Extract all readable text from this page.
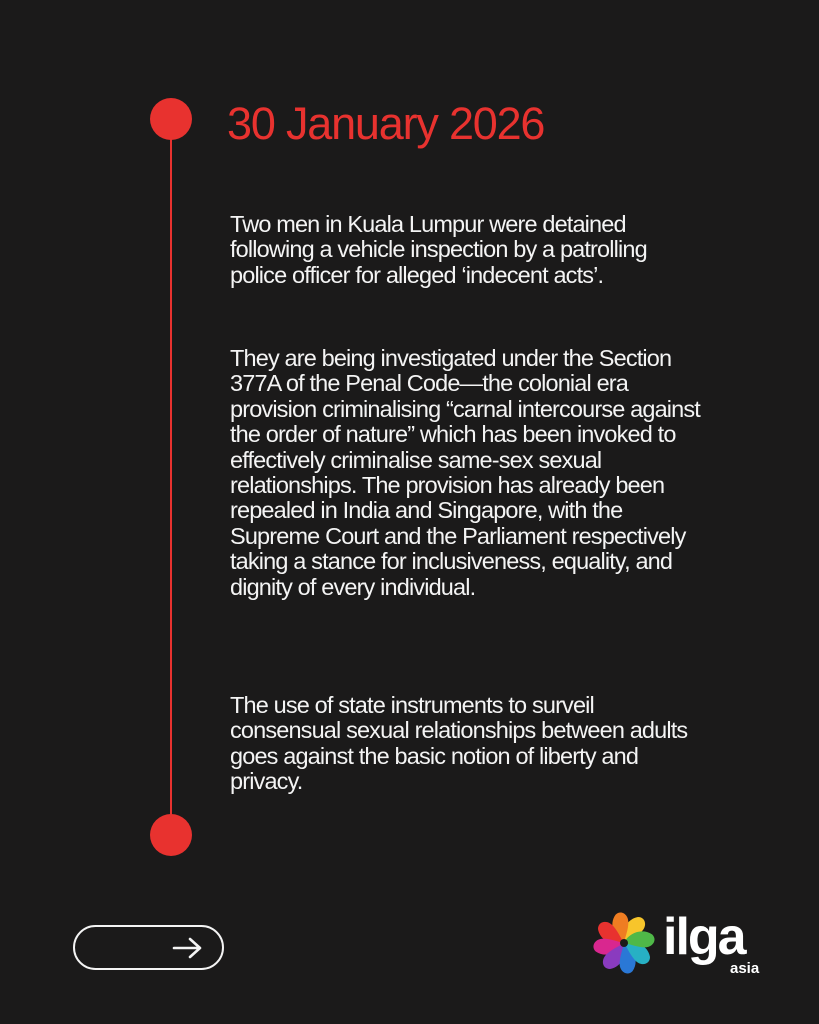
30 January 2026

Two men in Kuala Lumpur were detained following a vehicle inspection by a patrolling police officer for alleged ‘indecent acts’.

They are being investigated under the Section 377A of the Penal Code—the colonial era provision criminalising “carnal intercourse against the order of nature” which has been invoked to effectively criminalise same-sex sexual relationships. The provision has already been repealed in India and Singapore, with the Supreme Court and the Parliament respectively taking a stance for inclusiveness, equality, and dignity of every individual.

The use of state instruments to surveil consensual sexual relationships between adults goes against the basic notion of liberty and privacy.

ilga
asia
